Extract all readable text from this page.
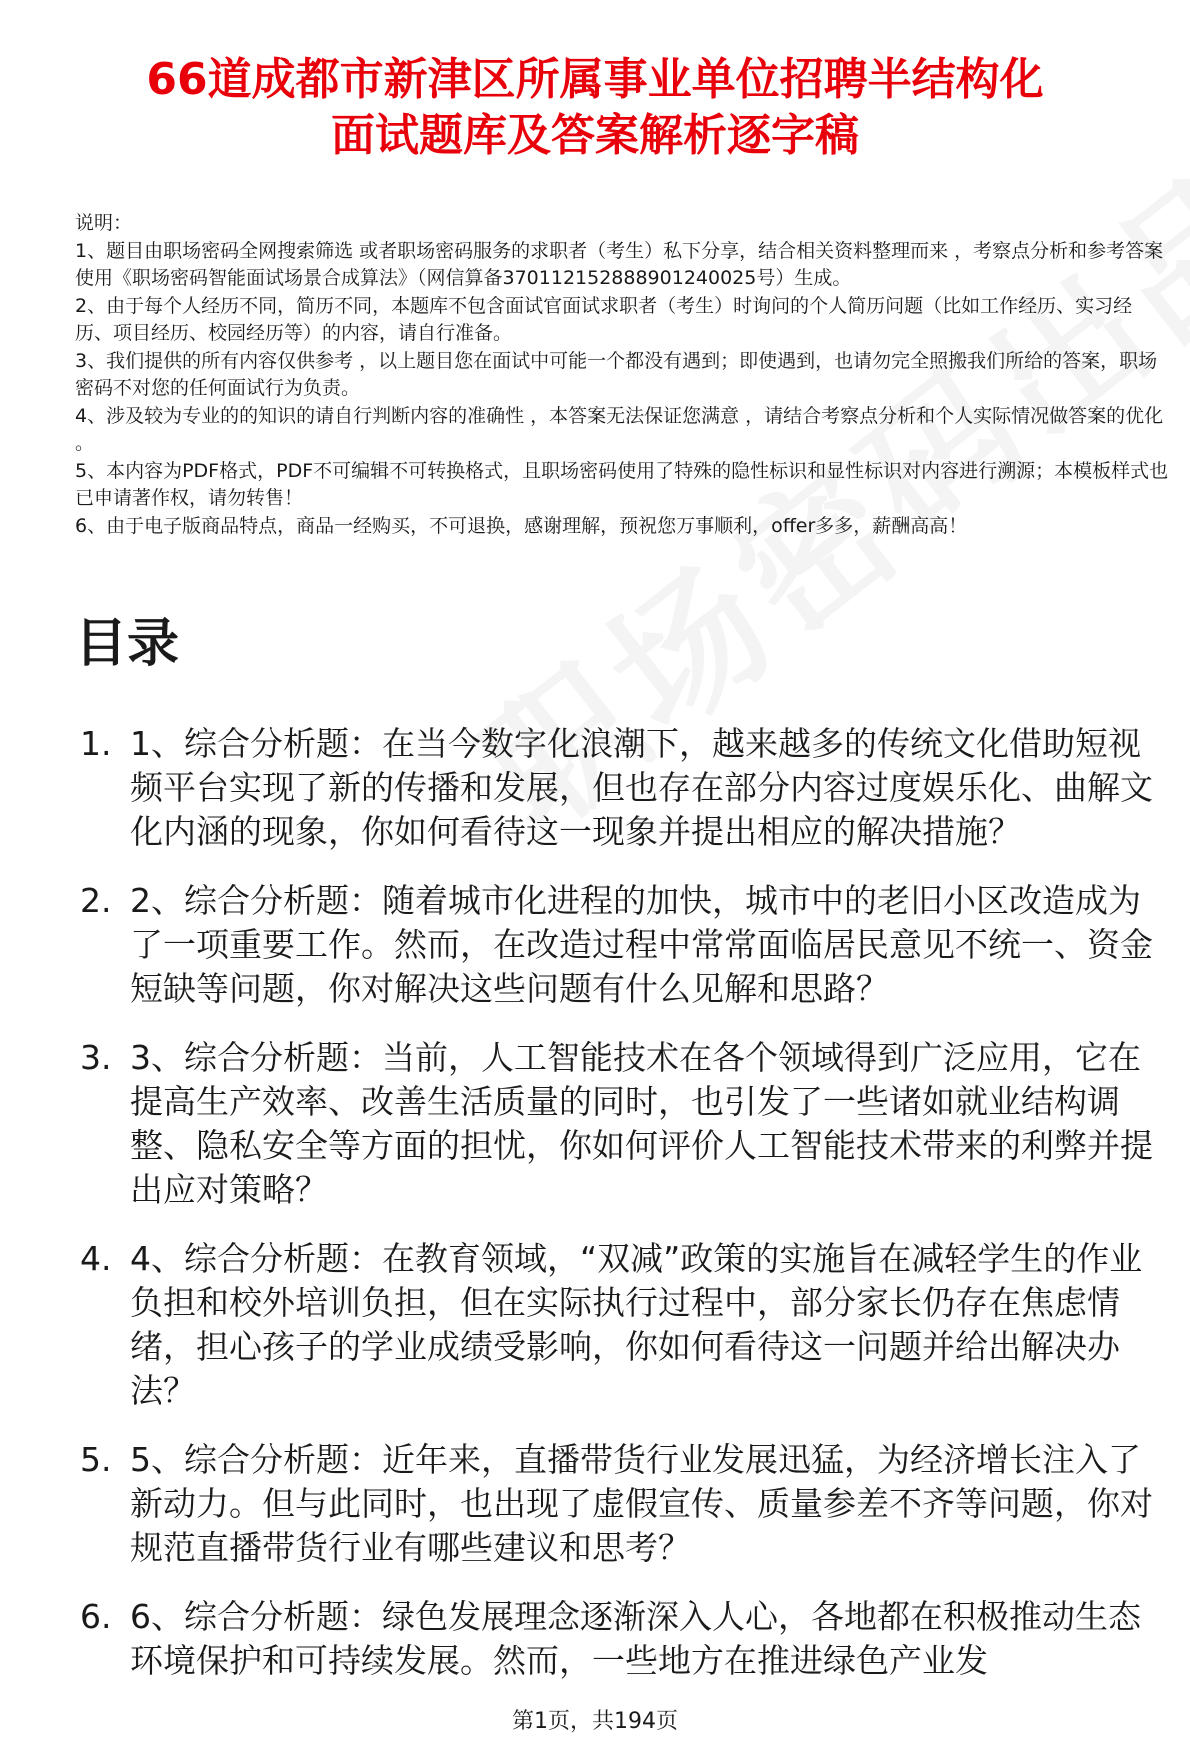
66道成都市新津区所属事业单位招聘半结构化
面试题库及答案解析逐字稿
说明：
1、题目由职场密码全网搜索筛选 或者职场密码服务的求职者（考生）私下分享，结合相关资料整理而来 ，考察点分析和参考答案使用《职场密码智能面试场景合成算法》（网信算备370112152888901240025号）生成。
2、由于每个人经历不同，简历不同，本题库不包含面试官面试求职者（考生）时询问的个人简历问题（比如工作经历、实习经历、项目经历、校园经历等）的内容，请自行准备。
3、我们提供的所有内容仅供参考 ，以上题目您在面试中可能一个都没有遇到；即使遇到，也请勿完全照搬我们所给的答案，职场密码不对您的任何面试行为负责。
4、涉及较为专业的的知识的请自行判断内容的准确性 ，本答案无法保证您满意 ，请结合考察点分析和个人实际情况做答案的优化 。
5、本内容为PDF格式，PDF不可编辑不可转换格式，且职场密码使用了特殊的隐性标识和显性标识对内容进行溯源；本模板样式也已申请著作权，请勿转售！
6、由于电子版商品特点，商品一经购买，不可退换，感谢理解，预祝您万事顺利，offer多多，薪酬高高！
目录
1. 1、综合分析题：在当今数字化浪潮下，越来越多的传统文化借助短视频平台实现了新的传播和发展，但也存在部分内容过度娱乐化、曲解文化内涵的现象，你如何看待这一现象并提出相应的解决措施？
2. 2、综合分析题：随着城市化进程的加快，城市中的老旧小区改造成为了一项重要工作。然而，在改造过程中常常面临居民意见不统一、资金短缺等问题，你对解决这些问题有什么见解和思路？
3. 3、综合分析题：当前，人工智能技术在各个领域得到广泛应用，它在提高生产效率、改善生活质量的同时，也引发了一些诸如就业结构调整、隐私安全等方面的担忧，你如何评价人工智能技术带来的利弊并提出应对策略？
4. 4、综合分析题：在教育领域，“双减”政策的实施旨在减轻学生的作业负担和校外培训负担，但在实际执行过程中，部分家长仍存在焦虑情绪，担心孩子的学业成绩受影响，你如何看待这一问题并给出解决办法？
5. 5、综合分析题：近年来，直播带货行业发展迅猛，为经济增长注入了新动力。但与此同时，也出现了虚假宣传、质量参差不齐等问题，你对规范直播带货行业有哪些建议和思考？
6. 6、综合分析题：绿色发展理念逐渐深入人心，各地都在积极推动生态环境保护和可持续发展。然而，一些地方在推进绿色产业发
第1页，共194页
